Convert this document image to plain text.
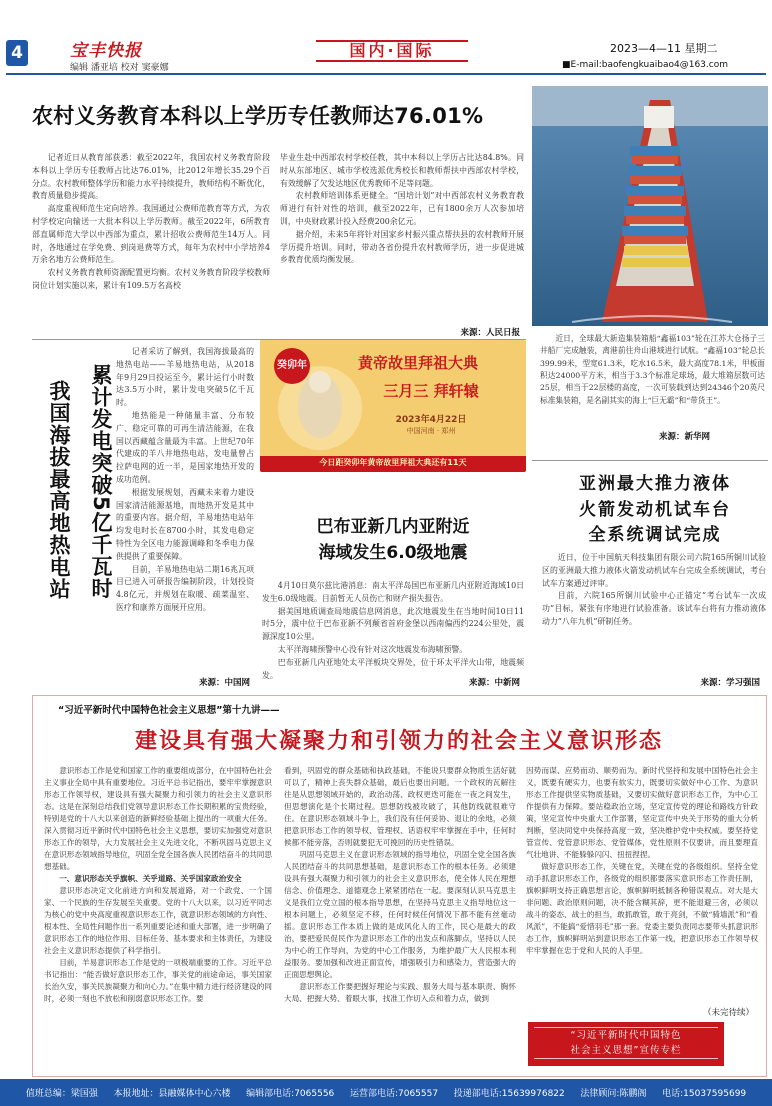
4	宝丰快报
编辑 潘亚培 校对 窦豪娜
国内·国际	2023—4—11 星期二
■E-mail:baofengkuaibao4@163.com
农村义务教育本科以上学历专任教师达76.01%

记者近日从教育部获悉：截至2022年，我国农村义务教育阶段本科以上学历专任教师占比达76.01%，比2012年增长35.29个百分点。农村教师整体学历和能力水平持续提升，教师结构不断优化，教育质量稳步提高。

高度重视师范生定向培养。我国通过公费师范教育等方式，为农村学校定向输送一大批本科以上学历教师。截至2022年，6所教育部直属师范大学以中西部为重点，累计招收公费师范生14万人。同时，各地通过在学免费、到岗退费等方式，每年为农村中小学培养4万余名地方公费师范生。

农村义务教育教师资源配置更均衡。农村义务教育阶段学校教师岗位计划实施以来，累计有109.5万名高校

毕业生赴中西部农村学校任教，其中本科以上学历占比达84.8%。同时从东部地区、城市学校选派优秀校长和教师帮扶中西部农村学校，有效缓解了欠发达地区优秀教师不足等问题。

农村教师培训体系更健全。“国培计划”对中西部农村义务教育教师进行有针对性的培训，截至2022年，已有1800余万人次参加培训，中央财政累计投入经费200余亿元。

据介绍，未来5年将针对国家乡村振兴重点帮扶县的农村教师开展学历提升培训。同时，带动各省份提升农村教师学历，进一步促进城乡教育优质均衡发展。

来源：人民日报
近日，全球最大新造集装箱船“鑫福103”轮在江苏大仓扬子三井船厂完成触装，离港前往舟山港域进行试航。“鑫福103”轮总长399.99米，型宽61.3米，吃水16.5米，最大高度78.1米，甲板面积达24000平方米，相当于3.3个标准足球场，最大堆箱层数可达25层，相当于22层楼的高度，一次可装载到达到24346个20英尺标准集装箱，是名副其实的海上“巨无霸”和“带货王”。
来源：新华网
累计发电突破5亿千瓦时
我国海拔最高地热电站

记者采访了解到，我国海拔最高的地热电站——羊易地热电站，从2018年9月29日投运至今，累计运行小时数达3.5万小时，累计发电突破5亿千瓦时。

地热能是一种储量丰富、分布较广、稳定可靠的可再生清洁能源，在我国以西藏蕴含量最为丰富。上世纪70年代建成的羊八井地热电站，发电量曾占拉萨电网的近一半，是国家地热开发的成功范例。

根据发展规划，西藏未来着力建设国家清洁能源基地，而地热开发是其中的重要内容。据介绍，羊易地热电站年均发电时长在8700小时，其发电稳定特性为全区电力能源调峰和冬季电力保供提供了重要保障。

目前，羊易地热电站二期16兆瓦项目已进入可研报告编制阶段，计划投资4.8亿元，并规划在取暖、疏菜温室、医疗和康养方面展开应用。

来源：中国网
癸卯年	黄帝故里拜祖大典
三月三 拜轩辕
2023年4月22日
中国河南 · 郑州
今日距癸卯年黄帝故里拜祖大典还有11天
巴布亚新几内亚附近
海域发生6.0级地震

4月10日莫尔兹比港消息：南太平洋岛国巴布亚新几内亚附近海域10日发生6.0级地震。目前暂无人员伤亡和财产损失报告。

据美国地质调查局地震信息网消息，此次地震发生在当地时间10日11时5分，震中位于巴布亚新不列颠省首府金堡以西南偏西约224公里处，震源深度10公里。

太平洋海啸预警中心没有针对这次地震发布海啸预警。

巴布亚新几内亚地处太平洋板块交界处，位于环太平洋火山带，地震频发。

来源：中新网
亚洲最大推力液体
火箭发动机试车台
全系统调试完成

近日，位于中国航天科技集团有限公司六院165所铜川试验区的亚洲最大推力液体火箭发动机试车台完成全系统调试，考台试车方案通过评审。

目前，六院165所铜川试验中心正锚定“考台试车一次成功”目标，紧张有序地进行试验准备。该试车台将有力推动液体动力“八年九机”研制任务。

来源：学习强国
“习近平新时代中国特色社会主义思想”第十九讲——
建设具有强大凝聚力和引领力的社会主义意识形态

意识形态工作是党和国家工作的重要组成部分，在中国特色社会主义事业全局中具有重要地位。习近平总书记指出，要牢牢掌握意识形态工作领导权，建设具有强大凝聚力和引领力的社会主义意识形态。这是在深刻总结我们党领导意识形态工作长期积累的宝贵经验，特别是党的十八大以来创造的新鲜经验基础上提出的一项重大任务。深入贯彻习近平新时代中国特色社会主义思想，要切实加强党对意识形态工作的领导，大力发展社会主义先进文化，不断巩固马克思主义在意识形态领域指导地位，巩固全党全国各族人民团结奋斗的共同思想基础。

一、意识形态关乎旗帜、关乎道路、关乎国家政治安全

意识形态决定文化前进方向和发展道路，对一个政党、一个国家、一个民族的生存发展至关重要。党的十八大以来，以习近平同志为核心的党中央高度重视意识形态工作，就意识形态领域的方向性、根本性、全局性问题作出一系列重要论述和重大部署，进一步明确了意识形态工作的地位作用、目标任务、基本要求和主体责任，为建设社会主义意识形态提供了科学指引。

目前，羊易意识形态工作是党的一项极端重要的工作。习近平总书记指出：“能否做好意识形态工作，事关党的前途命运，事关国家长治久安，事关民族凝聚力和向心力。”在集中精力进行经济建设的同时，必须一刻也不放松和削弱意识形态工作。要

看到，巩固党的群众基础和执政基础，不能说只要群众物质生活好就可以了，精神上丧失群众基础，最后也要出问题。一个政权的瓦解往往是从思想领域开始的，政治动荡、政权更迭可能在一夜之间发生，但思想演化是个长期过程。思想防线被攻破了，其他防线就很难守住。在意识形态领域斗争上，我们没有任何妥协、退让的余地，必须把意识形态工作的领导权、管理权、话语权牢牢掌握在手中，任何时候都不能旁落，否则就要犯无可挽回的历史性错误。

巩固马克思主义在意识形态领域的指导地位，巩固全党全国各族人民团结奋斗的共同思想基础，是意识形态工作的根本任务。必须建设具有强大凝聚力和引领力的社会主义意识形态，使全体人民在理想信念、价值理念、道德观念上紧紧团结在一起。要深刻认识马克思主义是我们立党立国的根本指导思想，在坚持马克思主义指导地位这一根本问题上，必须坚定不移，任何时候任何情况下都不能有丝毫动摇。意识形态工作本质上做的是成风化人的工作，民心是最大的政治，要把爱民促民作为意识形态工作的出发点和落脚点，坚持以人民为中心的工作导向，为党的中心工作服务，为维护最广大人民根本利益服务。要加强和改进正面宣传，增强吸引力和感染力，营造强大的正面思想舆论。

意识形态工作要把握好理论与实践、服务大局与基本职责、胸怀大局、把握大势、着眼大事，找准工作切入点和着力点，做到

因势而谋、应势而动、顺势而为。新时代坚持和发展中国特色社会主义，既要有硬实力，也要有软实力，既要切实做好中心工作、为意识形态工作提供坚实物质基础，又要切实做好意识形态工作，为中心工作提供有力保障。要站稳政治立场，坚定宣传党的理论和路线方针政策，坚定宣传中央重大工作部署，坚定宣传中央关于形势的重大分析判断，坚决同党中央保持高度一致，坚决维护党中央权威。要坚持党管宣传、党管意识形态、党管媒体，党性原则不仅要讲，而且要理直气壮地讲、不能躲躲闪闪、扭扭捏捏。

做好意识形态工作，关键在党，关键在党的各级组织。坚持全党动手抓意识形态工作，各级党的组织都要落实意识形态工作责任制，旗帜鲜明支持正确思想言论，旗帜鲜明抵制各种错误观点。对大是大非问题、政治原则问题，决不能含糊其辞，更不能退避三舍，必须以战斗的姿态、战士的担当，敢抓敢管，敢于亮剑，不做“骑墙派”和“看风派”，不能搞“爱惜羽毛”那一套。党委主要负责同志要带头抓意识形态工作，旗帜鲜明站到意识形态工作第一线，把意识形态工作领导权牢牢掌握在忠于党和人民的人手里。

（未完待续）
“习近平新时代中国特色
社会主义思想”宣传专栏
值班总编：梁国强 本报地址：县融媒体中心六楼 编辑部电话:7065556 运营部电话:7065557 投递部电话:15639976822 法律顾问:陈鹏阁 电话:15037595699
